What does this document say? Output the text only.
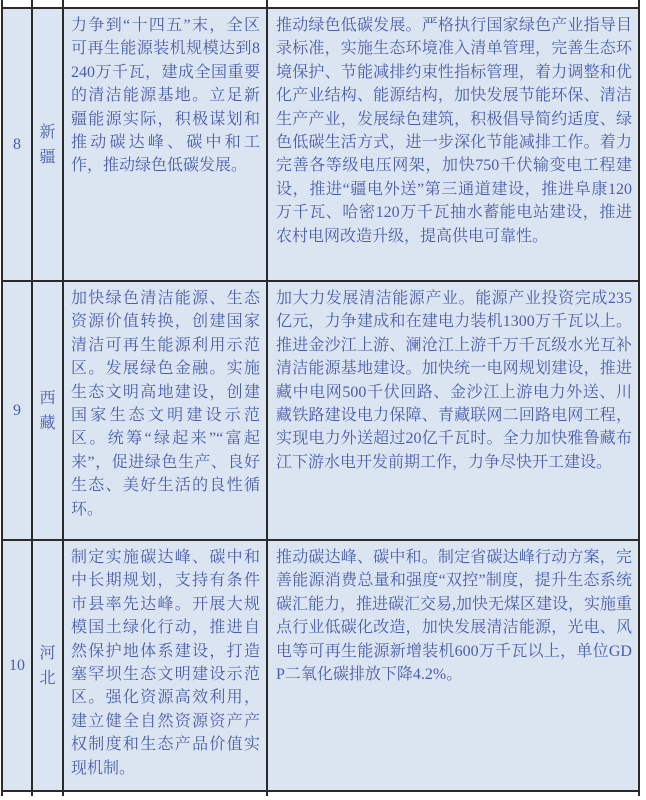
8	新疆	力争到“十四五”末，全区可再生能源装机规模达到8240万千瓦，建成全国重要的清洁能源基地。立足新疆能源实际，积极谋划和推动碳达峰、碳中和工作，推动绿色低碳发展。	推动绿色低碳发展。严格执行国家绿色产业指导目录标准，实施生态环境准入清单管理，完善生态环境保护、节能减排约束性指标管理，着力调整和优化产业结构、能源结构，加快发展节能环保、清洁生产产业，发展绿色建筑，积极倡导简约适度、绿色低碳生活方式，进一步深化节能减排工作。着力完善各等级电压网架，加快750千伏输变电工程建设，推进“疆电外送”第三通道建设，推进阜康120万千瓦、哈密120万千瓦抽水蓄能电站建设，推进农村电网改造升级，提高供电可靠性。
9	西藏	加快绿色清洁能源、生态资源价值转换，创建国家清洁可再生能源利用示范区。发展绿色金融。实施生态文明高地建设，创建国家生态文明建设示范区。统筹“绿起来”“富起来”，促进绿色生产、良好生态、美好生活的良性循环。	加大力发展清洁能源产业。能源产业投资完成235亿元，力争建成和在建电力装机1300万千瓦以上。推进金沙江上游、澜沧江上游千万千瓦级水光互补清洁能源基地建设。加快统一电网规划建设，推进藏中电网500千伏回路、金沙江上游电力外送、川藏铁路建设电力保障、青藏联网二回路电网工程，实现电力外送超过20亿千瓦时。全力加快雅鲁藏布江下游水电开发前期工作，力争尽快开工建设。
10	河北	制定实施碳达峰、碳中和中长期规划，支持有条件市县率先达峰。开展大规模国土绿化行动，推进自然保护地体系建设，打造塞罕坝生态文明建设示范区。强化资源高效利用，建立健全自然资源资产产权制度和生态产品价值实现机制。	推动碳达峰、碳中和。制定省碳达峰行动方案，完善能源消费总量和强度“双控”制度，提升生态系统碳汇能力，推进碳汇交易,加快无煤区建设，实施重点行业低碳化改造，加快发展清洁能源，光电、风电等可再生能源新增装机600万千瓦以上，单位GDP二氧化碳排放下降4.2%。
